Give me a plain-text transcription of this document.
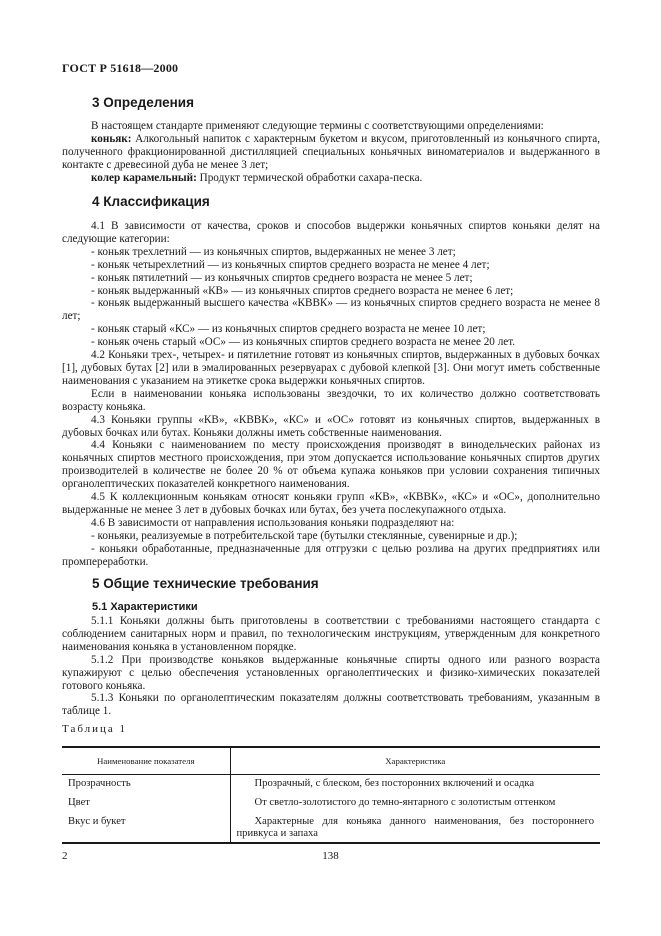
ГОСТ Р 51618—2000
3 Определения

В настоящем стандарте применяют следующие термины с соответствующими определениями:

коньяк: Алкогольный напиток с характерным букетом и вкусом, приготовленный из коньячного спирта, полученного фракционированной дистилляцией специальных коньячных виноматериалов и выдержанного в контакте с древесиной дуба не менее 3 лет;

колер карамельный: Продукт термической обработки сахара-песка.

4 Классификация

4.1 В зависимости от качества, сроков и способов выдержки коньячных спиртов коньяки делят на следующие категории:

- коньяк трехлетний — из коньячных спиртов, выдержанных не менее 3 лет;

- коньяк четырехлетний — из коньячных спиртов среднего возраста не менее 4 лет;

- коньяк пятилетний — из коньячных спиртов среднего возраста не менее 5 лет;

- коньяк выдержанный «КВ» — из коньячных спиртов среднего возраста не менее 6 лет;

- коньяк выдержанный высшего качества «КВВК» — из коньячных спиртов среднего возраста не менее 8 лет;

- коньяк старый «КС» — из коньячных спиртов среднего возраста не менее 10 лет;

- коньяк очень старый «ОС» — из коньячных спиртов среднего возраста не менее 20 лет.

4.2 Коньяки трех-, четырех- и пятилетние готовят из коньячных спиртов, выдержанных в дубовых бочках [1], дубовых бутах [2] или в эмалированных резервуарах с дубовой клепкой [3]. Они могут иметь собственные наименования с указанием на этикетке срока выдержки коньячных спиртов.

Если в наименовании коньяка использованы звездочки, то их количество должно соответствовать возрасту коньяка.

4.3 Коньяки группы «КВ», «КВВК», «КС» и «ОС» готовят из коньячных спиртов, выдержанных в дубовых бочках или бутах. Коньяки должны иметь собственные наименования.

4.4 Коньяки с наименованием по месту происхождения производят в винодельческих районах из коньячных спиртов местного происхождения, при этом допускается использование коньячных спиртов других производителей в количестве не более 20 % от объема купажа коньяков при условии сохранения типичных органолептических показателей конкретного наименования.

4.5 К коллекционным коньякам относят коньяки групп «КВ», «КВВК», «КС» и «ОС», дополнительно выдержанные не менее 3 лет в дубовых бочках или бутах, без учета послекупажного отдыха.

4.6 В зависимости от направления использования коньяки подразделяют на:

- коньяки, реализуемые в потребительской таре (бутылки стеклянные, сувенирные и др.);

- коньяки обработанные, предназначенные для отгрузки с целью розлива на других предприятиях или промпереработки.

5 Общие технические требования
5.1 Характеристики

5.1.1 Коньяки должны быть приготовлены в соответствии с требованиями настоящего стандарта с соблюдением санитарных норм и правил, по технологическим инструкциям, утвержденным для конкретного наименования коньяка в установленном порядке.

5.1.2 При производстве коньяков выдержанные коньячные спирты одного или разного возраста купажируют с целью обеспечения установленных органолептических и физико-химических показателей готового коньяка.

5.1.3 Коньяки по органолептическим показателям должны соответствовать требованиям, указанным в таблице 1.

Таблица 1
Наименование показателя	Характеристика
Прозрачность	Прозрачный, с блеском, без посторонних включений и осадка
Цвет	От светло-золотистого до темно-янтарного с золотистым оттенком
Вкус и букет	Характерные для коньяка данного наименования, без постороннего привкуса и запаха
138
2
